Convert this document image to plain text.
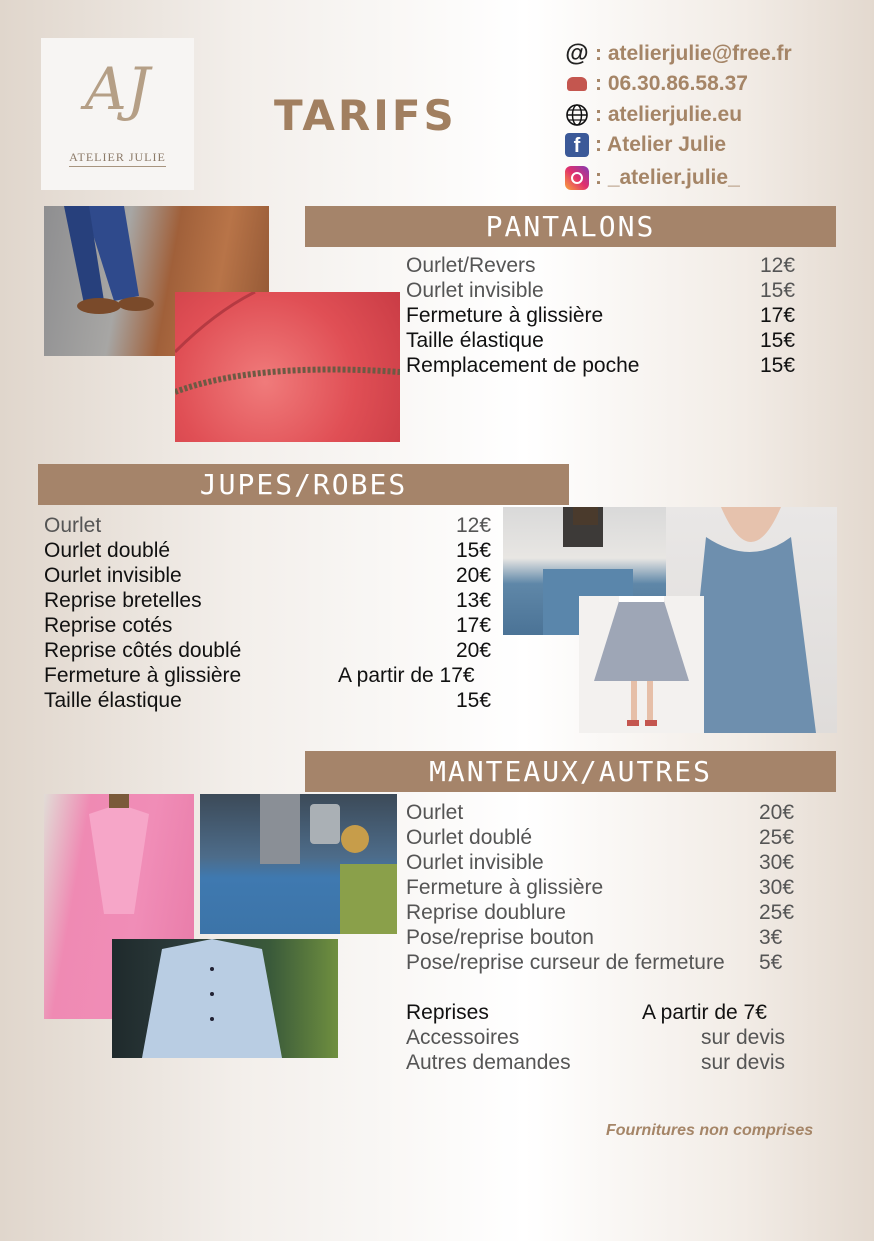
AJ
ATELIER JULIE
TARIFS
@ : atelierjulie@free.fr
: 06.30.86.58.37
: atelierjulie.eu
f : Atelier Julie
: _atelier.julie_
PANTALONS
Ourlet/Revers	12€
Ourlet invisible	15€
Fermeture à glissière	17€
Taille élastique	15€
Remplacement de poche	15€
JUPES/ROBES
Ourlet	12€
Ourlet doublé	15€
Ourlet invisible	20€
Reprise bretelles	13€
Reprise cotés	17€
Reprise côtés doublé	20€
Fermeture à glissière	A partir de 17€
Taille élastique	15€
MANTEAUX/AUTRES
Ourlet	20€
Ourlet doublé	25€
Ourlet invisible	30€
Fermeture à glissière	30€
Reprise doublure	25€
Pose/reprise bouton	3€
Pose/reprise curseur de fermeture 5€
Reprises	A partir de 7€
Accessoires	sur devis
Autres demandes	sur devis
Fournitures non comprises
